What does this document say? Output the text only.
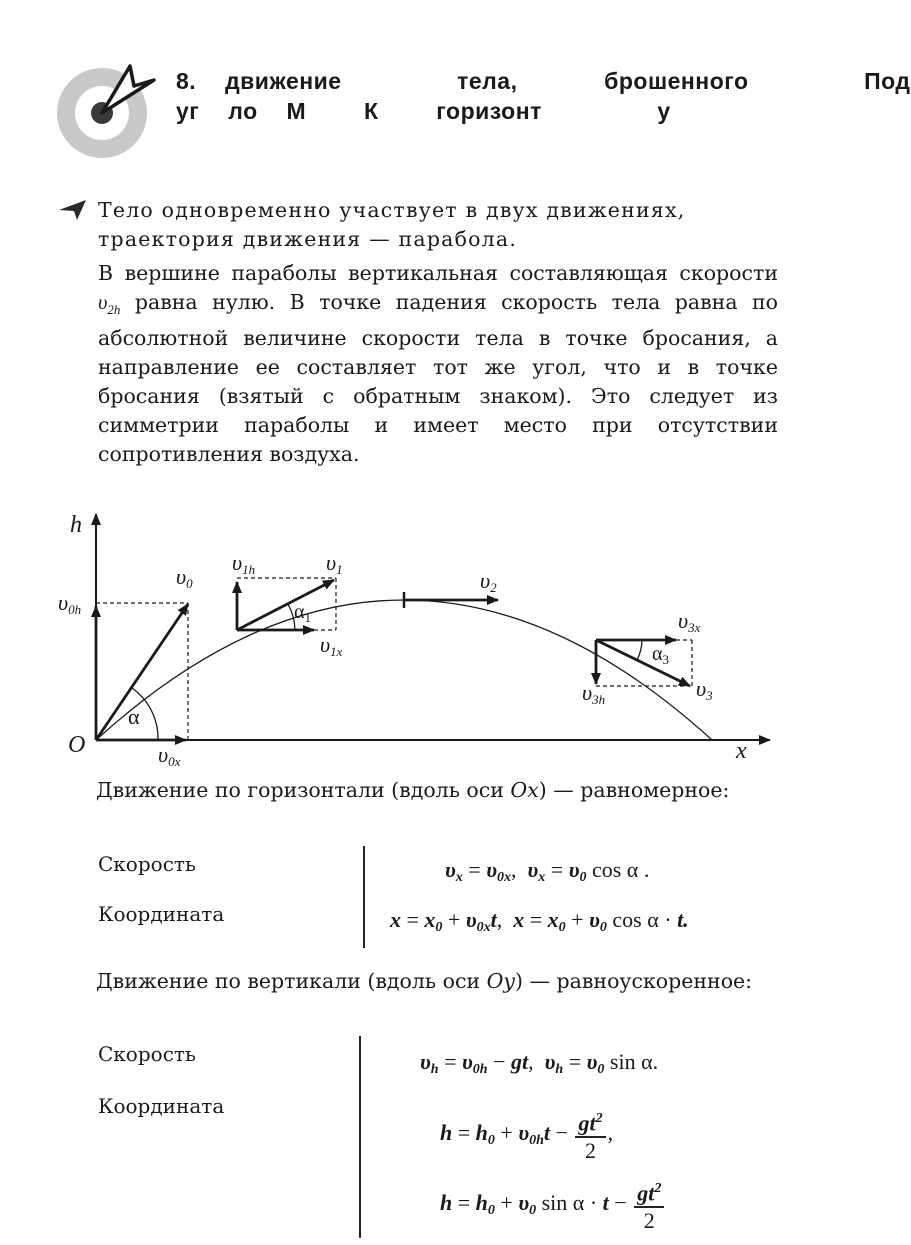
8. движение    тела,   брошенного    Под
уг ло М  К  горизонт    у
Тело одновременно участвует в двух движениях, траектория движения — парабола.
В вершине параболы вертикальная составляющая скорости $\upsilon_{2h}$ равна нулю. В точке падения скорость тела равна по абсолютной величине скорости тела в точке бросания, а направление ее составляет тот же угол, что и в точке бросания (взятый с обратным знаком). Это следует из симметрии параболы и имеет место при отсутствии сопротивления воздуха.
h
x
O
υ0
υ0h
υ0x
α
υ1h	υ1
$\alpha_1$
υ1x
υ2
υ3x
$\alpha_3$
υ3h	υ3
Движение по горизонтали (вдоль оси Ox) — равномерное:
Скорость
Координата
$\upsilon_x = \upsilon_{0x}$,  $\upsilon_x = \upsilon_0$ cos α .
$x = x_0 + \upsilon_{0x}t$,  $x = x_0 + \upsilon_0$ cos α · t.
Движение по вертикали (вдоль оси Oy) — равноускоренное:
Скорость
Координата
$\upsilon_h = \upsilon_{0h}$ − gt,  $\upsilon_h = \upsilon_0$ sin α.
$h = h_0 + \upsilon_{0h}t - \frac{gt^2}{2}$ ,
$h = h_0 + \upsilon_0$ $\sin \alpha \cdot t - \frac{gt^2}{2}$
